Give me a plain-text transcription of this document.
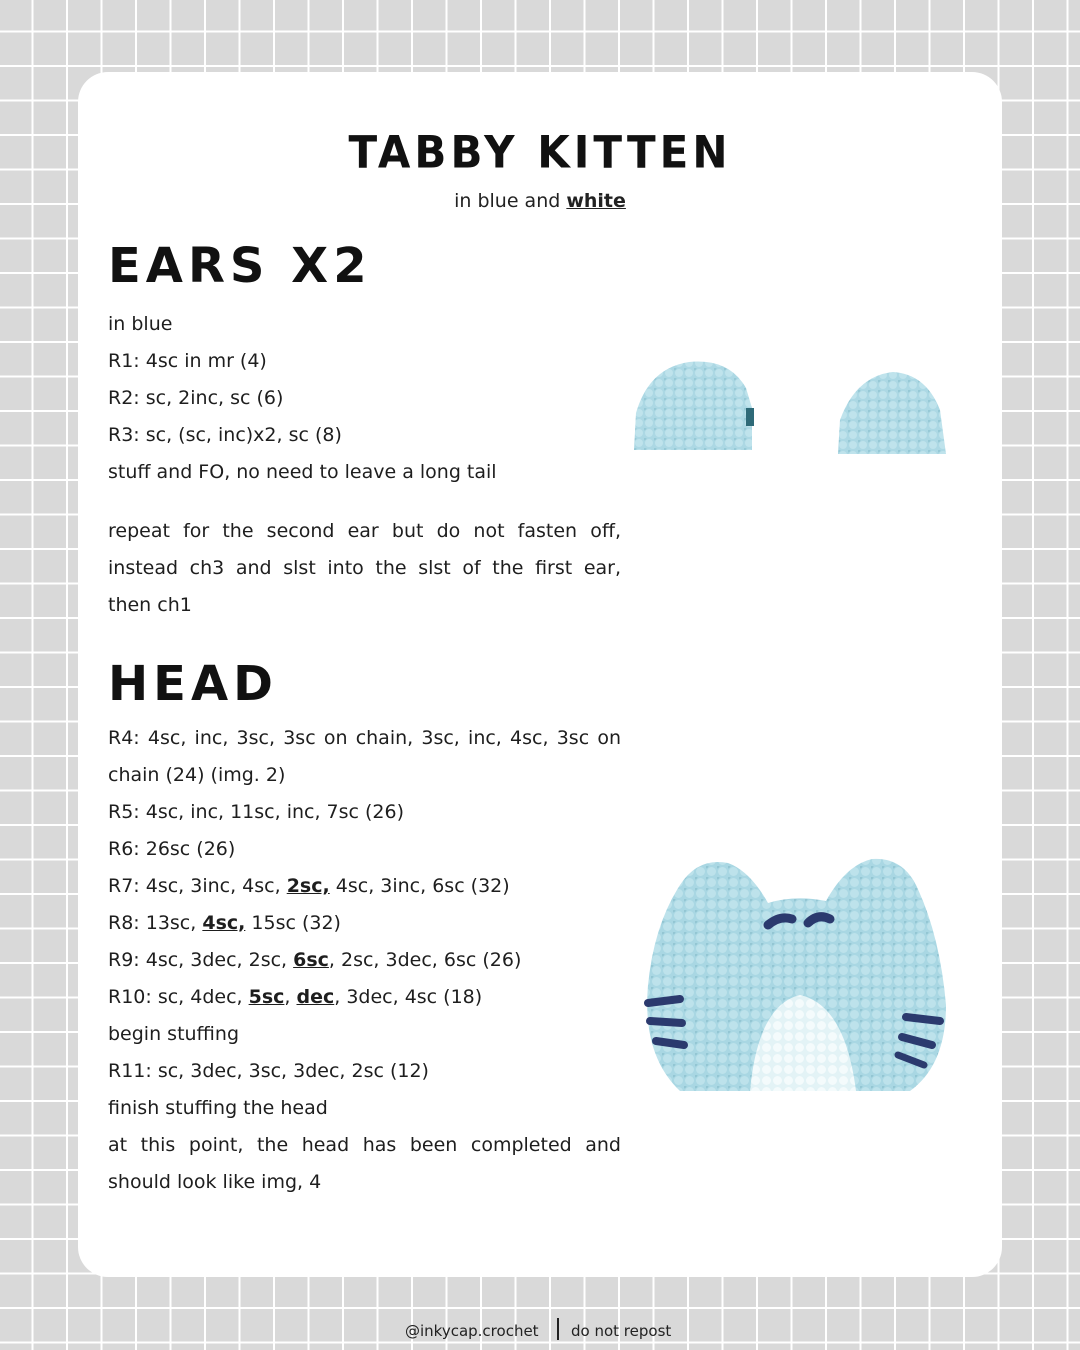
TABBY KITTEN
in blue and white
EARS X2
in blue
R1: 4sc in mr (4)
R2: sc, 2inc, sc (6)
R3: sc, (sc, inc)x2, sc (8)
stuff and FO, no need to leave a long tail
repeat for the second ear but do not fasten off,
instead ch3 and slst into the slst of the first ear,
then ch1
HEAD
R4: 4sc, inc, 3sc, 3sc on chain, 3sc, inc, 4sc, 3sc on
chain (24) (img. 2)
R5: 4sc, inc, 11sc, inc, 7sc (26)
R6: 26sc (26)
R7: 4sc, 3inc, 4sc, 2sc, 4sc, 3inc, 6sc (32)
R8: 13sc, 4sc, 15sc (32)
R9: 4sc, 3dec, 2sc, 6sc, 2sc, 3dec, 6sc (26)
R10: sc, 4dec, 5sc, dec, 3dec, 4sc (18)
begin stuffing
R11: sc, 3dec, 3sc, 3dec, 2sc (12)
finish stuffing the head
at this point, the head has been completed and
should look like img, 4
@inkycap.crochet do not repost
